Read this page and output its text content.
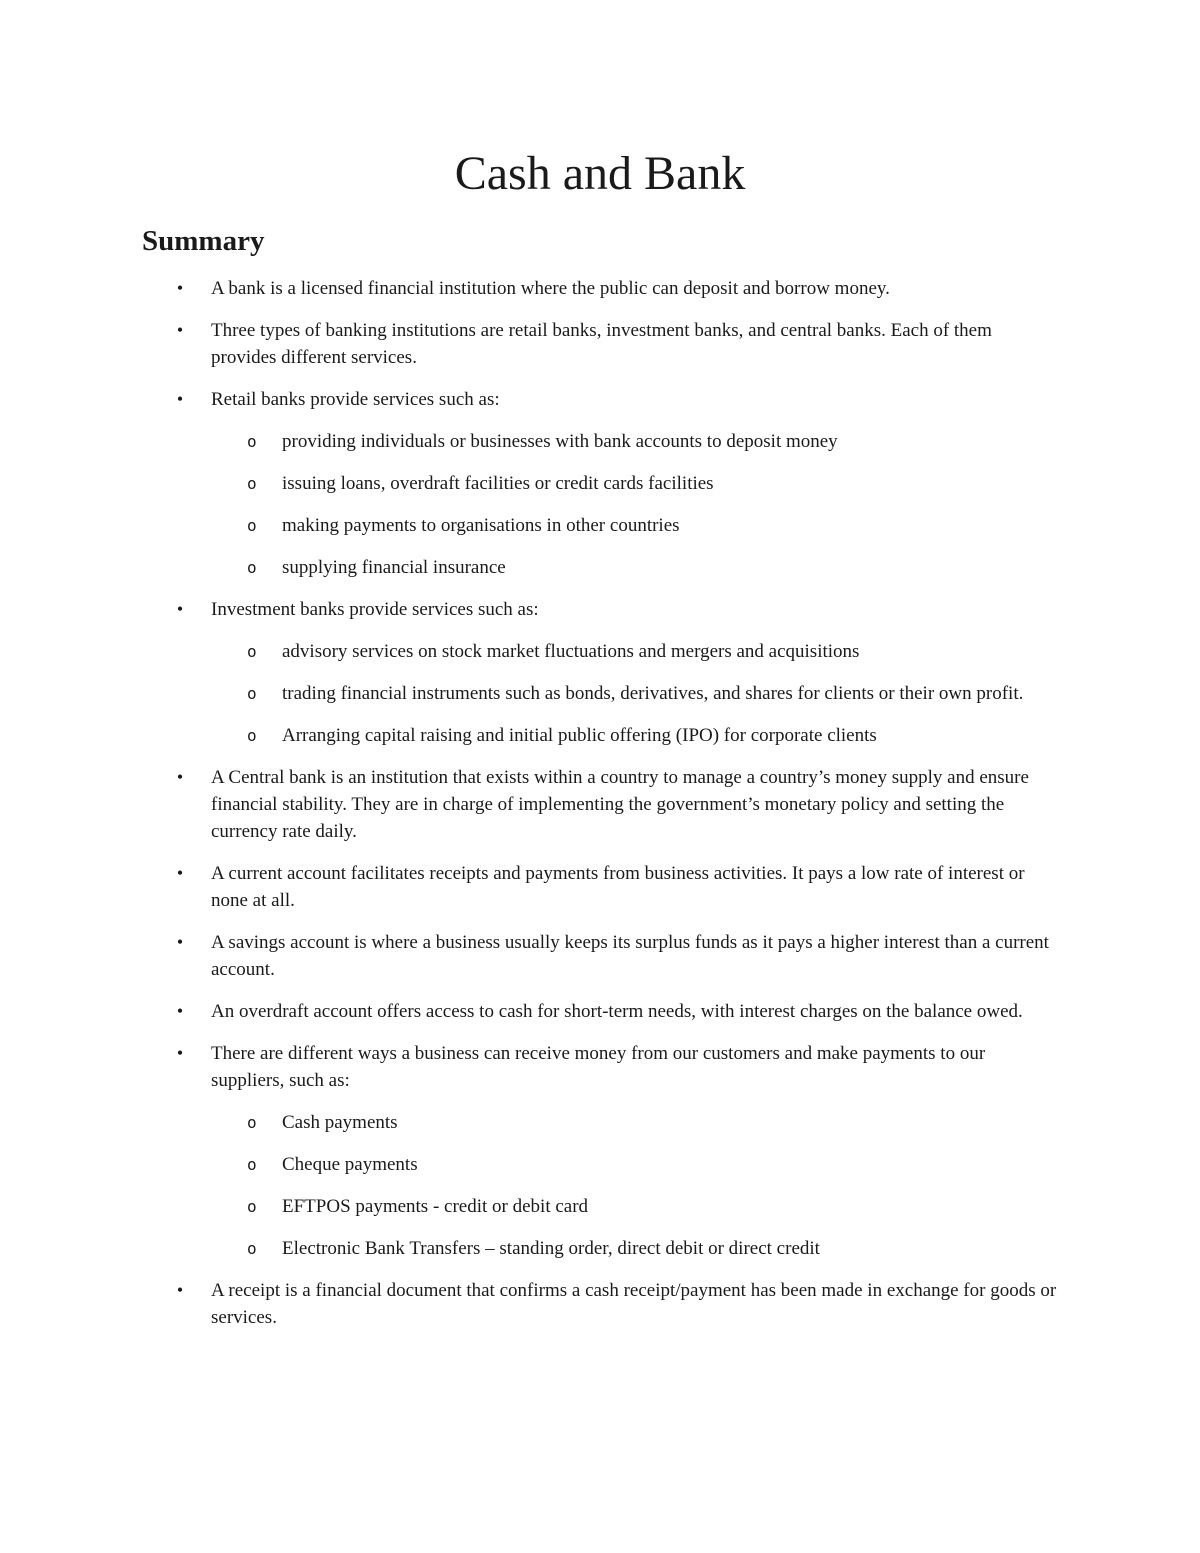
Cash and Bank
Summary
• A bank is a licensed financial institution where the public can deposit and borrow money.
• Three types of banking institutions are retail banks, investment banks, and central banks. Each of them provides different services.
• Retail banks provide services such as:
o providing individuals or businesses with bank accounts to deposit money
o issuing loans, overdraft facilities or credit cards facilities
o making payments to organisations in other countries
o supplying financial insurance
• Investment banks provide services such as:
o advisory services on stock market fluctuations and mergers and acquisitions
o trading financial instruments such as bonds, derivatives, and shares for clients or their own profit.
o Arranging capital raising and initial public offering (IPO) for corporate clients
• A Central bank is an institution that exists within a country to manage a country’s money supply and ensure financial stability. They are in charge of implementing the government’s monetary policy and setting the currency rate daily.
• A current account facilitates receipts and payments from business activities. It pays a low rate of interest or none at all.
• A savings account is where a business usually keeps its surplus funds as it pays a higher interest than a current account.
• An overdraft account offers access to cash for short-term needs, with interest charges on the balance owed.
• There are different ways a business can receive money from our customers and make payments to our suppliers, such as:
o Cash payments
o Cheque payments
o EFTPOS payments - credit or debit card
o Electronic Bank Transfers – standing order, direct debit or direct credit
• A receipt is a financial document that confirms a cash receipt/payment has been made in exchange for goods or services.
